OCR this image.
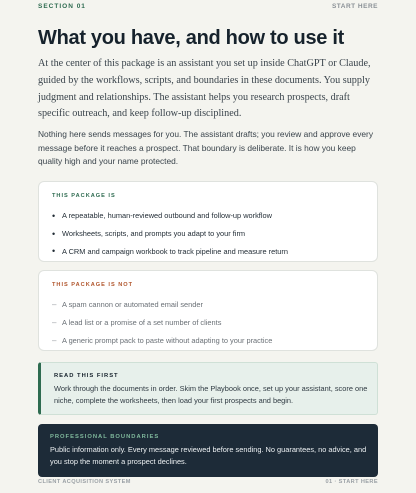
SECTION 01	START HERE
What you have, and how to use it

At the center of this package is an assistant you set up inside ChatGPT or Claude, guided by the workflows, scripts, and boundaries in these documents. You supply judgment and relationships. The assistant helps you research prospects, draft specific outreach, and keep follow-up disciplined.

Nothing here sends messages for you. The assistant drafts; you review and approve every message before it reaches a prospect. That boundary is deliberate. It is how you keep quality high and your name protected.

THIS PACKAGE IS
• A repeatable, human-reviewed outbound and follow-up workflow
• Worksheets, scripts, and prompts you adapt to your firm
• A CRM and campaign workbook to track pipeline and measure return
THIS PACKAGE IS NOT
– A spam cannon or automated email sender
– A lead list or a promise of a set number of clients
– A generic prompt pack to paste without adapting to your practice
READ THIS FIRST

Work through the documents in order. Skim the Playbook once, set up your assistant, score one niche, complete the worksheets, then load your first prospects and begin.

PROFESSIONAL BOUNDARIES

Public information only. Every message reviewed before sending. No guarantees, no advice, and you stop the moment a prospect declines.

CLIENT ACQUISITION SYSTEM	01 · START HERE
